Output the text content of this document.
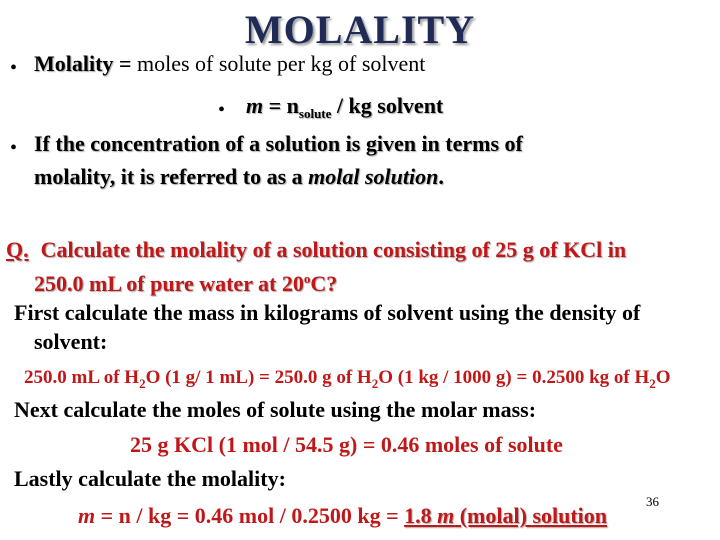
MOLALITY
• Molality = moles of solute per kg of solvent
• $m = n_{solute}$ / kg solvent
• If the concentration of a solution is given in terms of
molality, it is referred to as a molal solution.
Q. Calculate the molality of a solution consisting of 25 g of KCl in
250.0 mL of pure water at 20$^o$C?
First calculate the mass in kilograms of solvent using the density of
solvent:
250.0 mL of $H_2O$ (1 g/ 1 mL) = 250.0 g of $H_2O$ (1 kg / 1000 g) = 0.2500 kg of $H_2O$
Next calculate the moles of solute using the molar mass:
25 g KCl (1 mol / 54.5 g) = 0.46 moles of solute
Lastly calculate the molality:
m = n / kg = 0.46 mol / 0.2500 kg = 1.8 m (molal) solution
36
